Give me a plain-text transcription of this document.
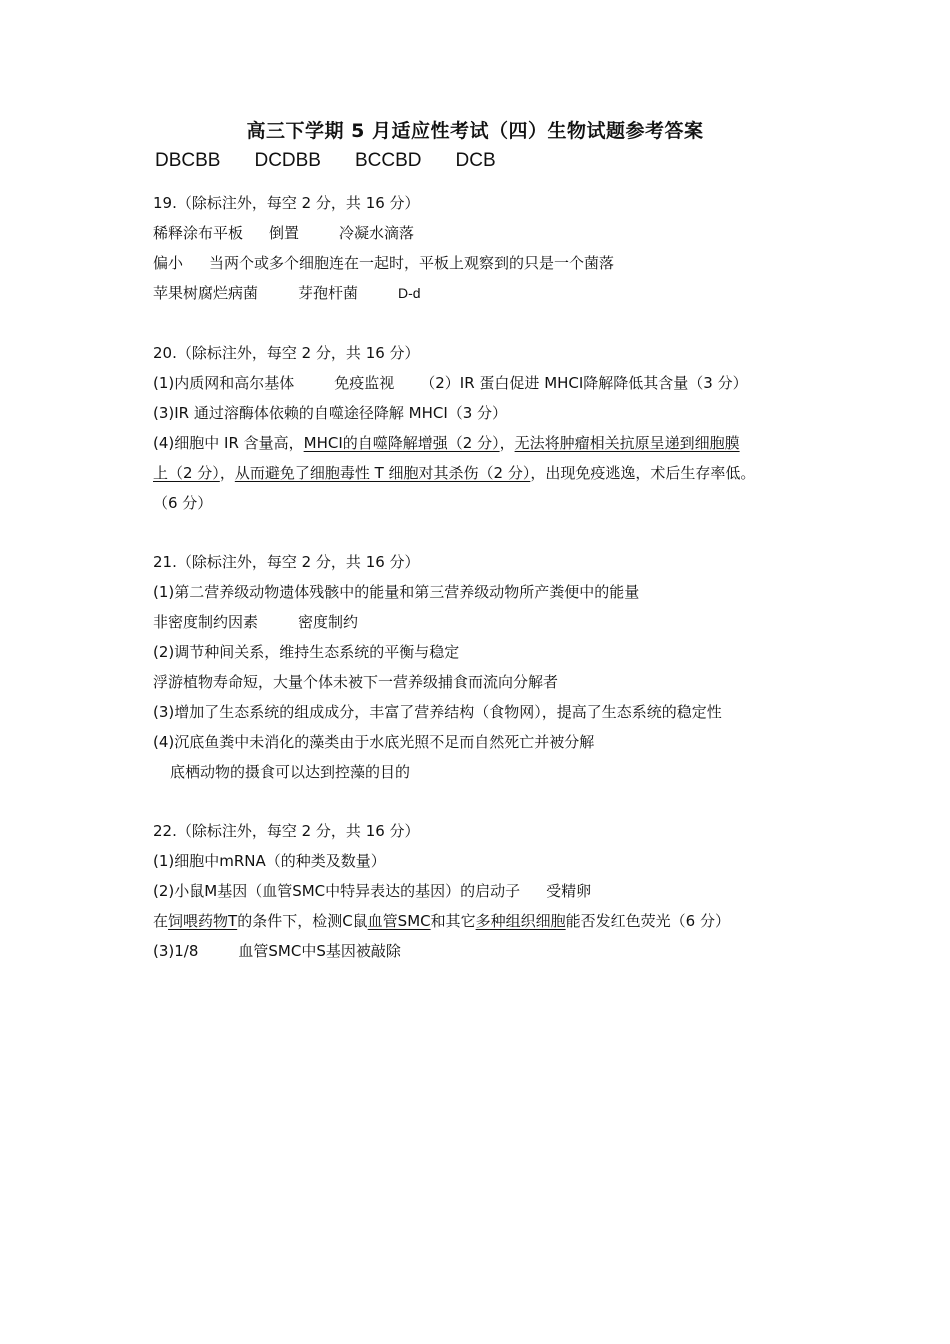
高三下学期 5 月适应性考试（四）生物试题参考答案
DBCBB DCDBB BCCBD DCB
19.（除标注外，每空 2 分，共 16 分）
稀释涂布平板 倒置	冷凝水滴落
偏小 当两个或多个细胞连在一起时，平板上观察到的只是一个菌落
苹果树腐烂病菌	芽孢杆菌	D-d
20.（除标注外，每空 2 分，共 16 分）
(1)内质网和高尔基体	免疫监视 （2）IR 蛋白促进 MHCⅠ降解降低其含量（3 分）
(3)IR 通过溶酶体依赖的自噬途径降解 MHCⅠ（3 分）
(4)细胞中 IR 含量高，MHCⅠ的自噬降解增强（2 分），无法将肿瘤相关抗原呈递到细胞膜
上（2 分），从而避免了细胞毒性 T 细胞对其杀伤（2 分），出现免疫逃逸，术后生存率低。
（6 分）
21.（除标注外，每空 2 分，共 16 分）
(1)第二营养级动物遗体残骸中的能量和第三营养级动物所产粪便中的能量
非密度制约因素	密度制约
(2)调节种间关系，维持生态系统的平衡与稳定
浮游植物寿命短，大量个体未被下一营养级捕食而流向分解者
(3)增加了生态系统的组成成分，丰富了营养结构（食物网），提高了生态系统的稳定性
(4)沉底鱼粪中未消化的藻类由于水底光照不足而自然死亡并被分解
底栖动物的摄食可以达到控藻的目的
22.（除标注外，每空 2 分，共 16 分）
(1)细胞中mRNA（的种类及数量）
(2)小鼠M基因（血管SMC中特异表达的基因）的启动子 受精卵
在饲喂药物T的条件下，检测C鼠血管SMC和其它多种组织细胞能否发红色荧光（6 分）
(3)1/8	血管SMC中S基因被敲除
